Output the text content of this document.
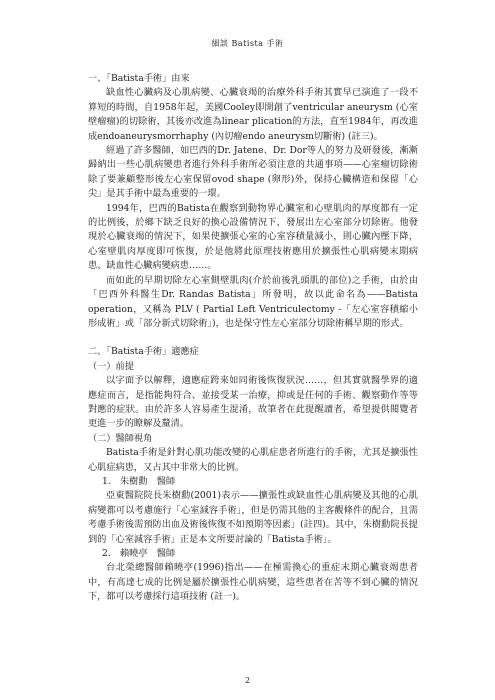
細談 Batista 手術

一、「Batista手術」由來

缺血性心臟病及心肌病變、心臟衰竭的治療外科手術其實早已演進了一段不算短的時間，自1958年起，美國Cooley即開創了ventricular aneurysm (心室壁瘤瘤)的切除術，其後亦改進為linear plication的方法，直至1984年，再改進成endoaneurysmorrhaphy (內切瘤endo aneurysm切斷術) (註三)。

經過了許多醫師，如巴西的Dr. Jatene、Dr. Dor等人的努力及研發後，漸漸歸納出一些心肌病變患者進行外科手術所必須注意的共通事項——心室瘤切除術除了要兼顧整形後左心室保留ovod shape (卵形)外，保持心臟構造和保留「心尖」是其手術中最為重要的一環。

1994年，巴西的Batista在觀察到動物界心臟室和心壁肌肉的厚度都有一定的比例後，於鄉下缺乏良好的換心設備情況下，發展出左心室部分切除術。他發現於心臟衰竭的情況下，如果使擴張心室的心室容積量減小，則心臟內壓下降，心室壁肌肉厚度即可恢復，於是他將此原理技術應用於擴張性心肌病變末期病患、缺血性心臟病變病患……。

而如此的早期切除左心室側壁肌肉(介於前後乳頭肌的部位)之手術，由於由「巴西外科醫生Dr. Randas Batista」所發明，故以此命名為——Batista operation，又稱為 PLV ( Partial Left Ventriculectomy -「左心室容積縮小形成術」或「部分新式切除術」)，也是保守性左心室部分切除術稱早期的形式。

二、「Batista手術」適應症

（一）前提

以字面予以解釋，適應症跨來如同術後恢復狀況……，但其實就醫學界的適應症而言，是指能夠符合、並接受某一治療，抑或是任何的手術、觀察動作等等對應的症狀。由於許多人容易產生混淆，故筆者在此提醒讀者，希望提供閱覽者更進一步的瞭解及釐清。

（二）醫師視角

Batista手術是針對心肌功能改變的心肌症患者所進行的手術，尤其是擴張性心肌症病患，又占其中非常大的比例。

1.　朱樹勳　醫師

亞東醫院院長朱樹勳(2001)表示——擴張性或缺血性心肌病變及其他的心肌病變都可以考慮施行「心室減容手術」，但是仍需其他的主客觀條件的配合，且需考慮手術後需預防出血及術後恢復不如預期等因素」(註四)。其中，朱樹勳院長提到的「心室減容手術」正是本文所要討論的「Batista手術」。

2.　賴曉亭　醫師

台北榮總醫師賴曉亭(1996)指出——在極需換心的重症末期心臟衰竭患者中，有高達七成的比例是屬於擴張性心肌病變，這些患者在苦等不到心臟的情況下，都可以考慮採行這項技術 (註一)。

2
